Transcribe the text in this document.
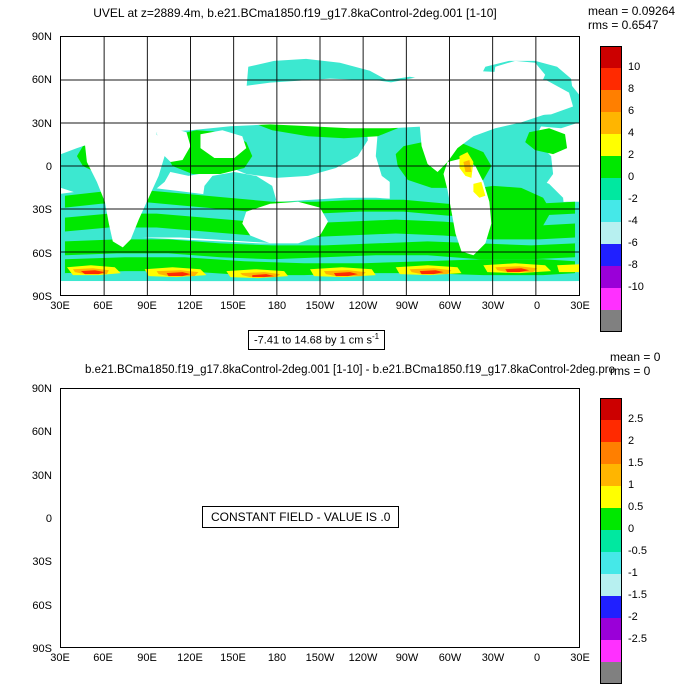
UVEL at z=2889.4m, b.e21.BCma1850.f19_g17.8kaControl-2deg.001 [1-10]	mean = 0.09264
rms = 0.6547
90N
60N
30N
0
30S
60S
90S
30E	60E	90E	120E	150E	180	150W	120W	90W	60W	30W	0	30E
-7.41 to 14.68 by 1 cm $s^{-1}$
10
8
6
4
2
0
-2
-4
-6
-8
-10
b.e21.BCma1850.f19_g17.8kaControl-2deg.001 [1-10] - b.e21.BCma1850.f19_g17.8kaControl-2deg.pro
mean = 0
rms = 0
CONSTANT FIELD - VALUE IS .0
90N
60N
30N
0
30S
60S
90S
30E	60E	90E	120E	150E	180	150W	120W	90W	60W	30W	0	30E
2.5
2
1.5
1
0.5
0
-0.5
-1
-1.5
-2
-2.5
